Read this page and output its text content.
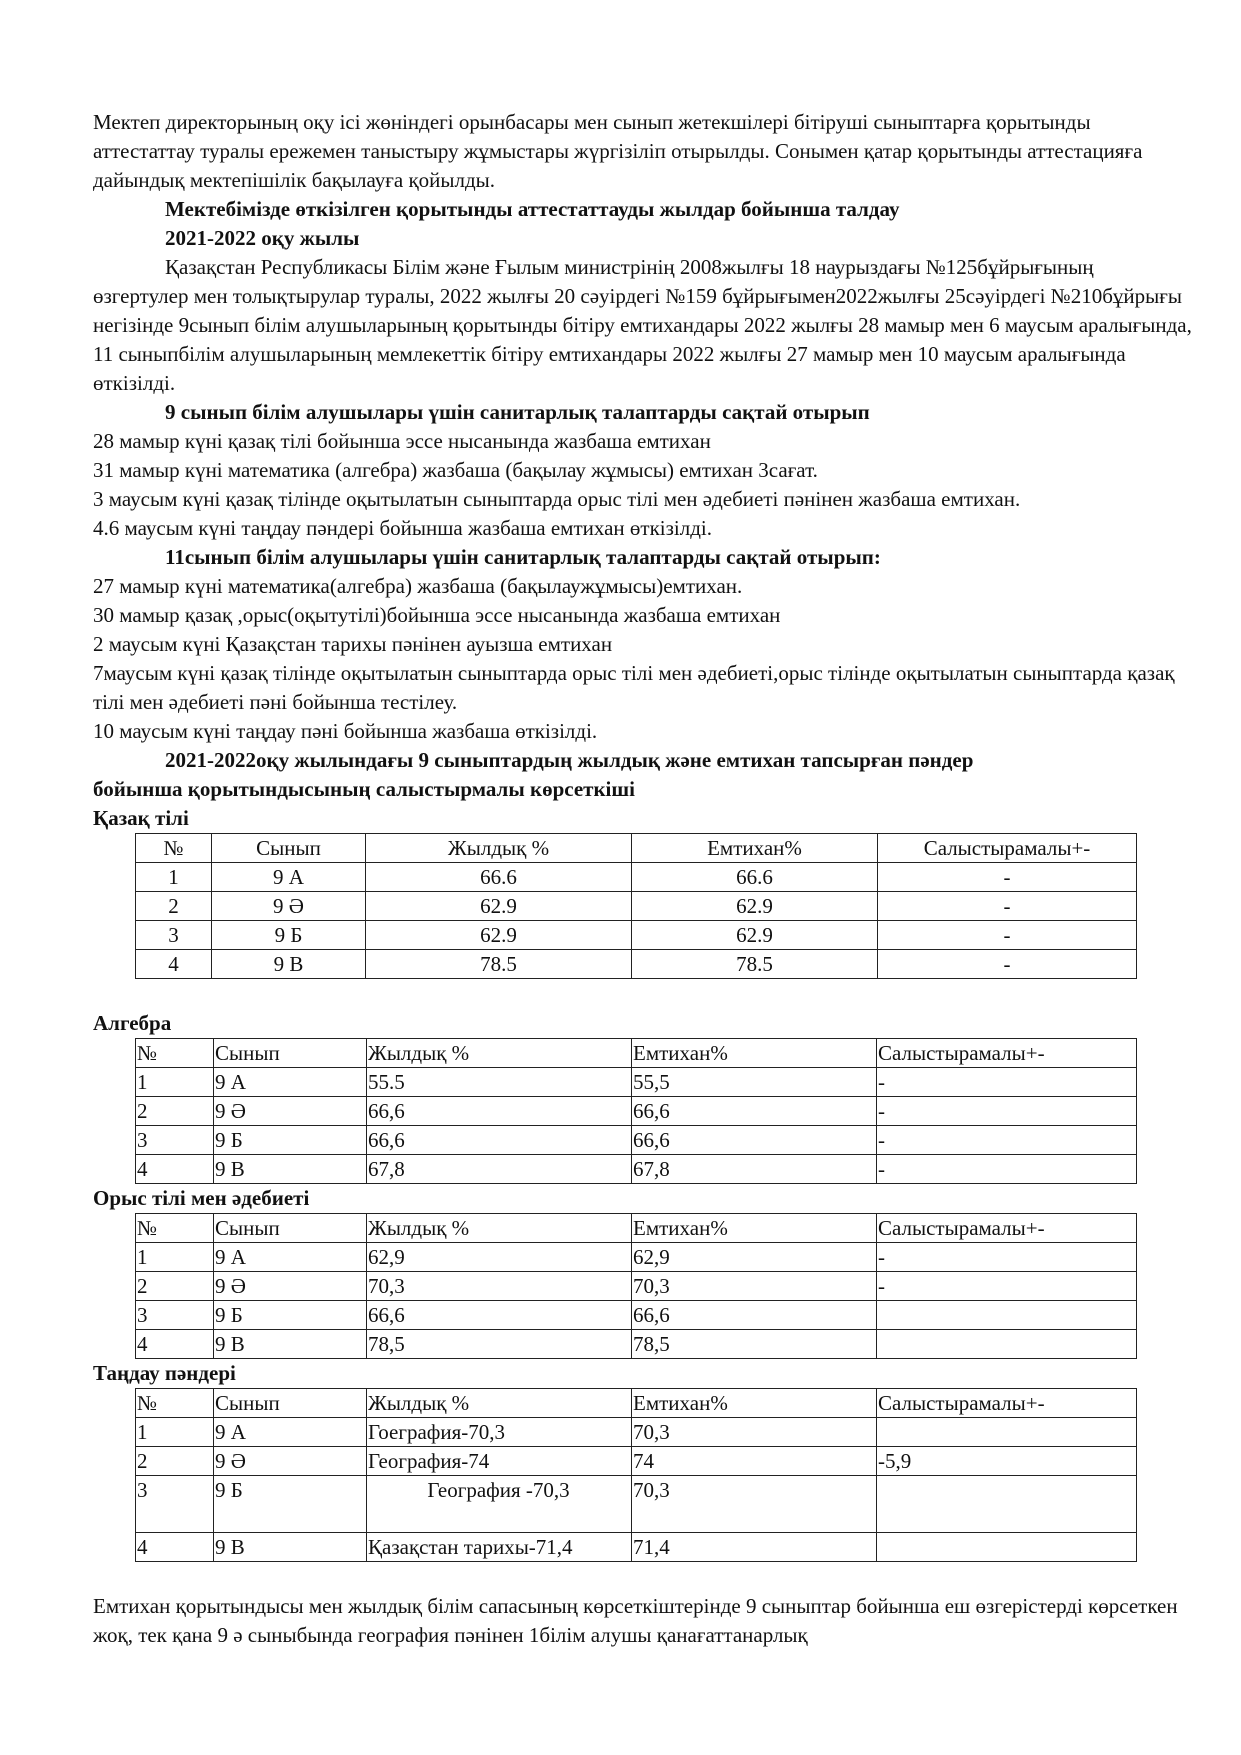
Мектеп директорының оқу ісі жөніндегі орынбасары мен сынып жетекшілері бітіруші сыныптарға қорытынды аттестаттау туралы ережемен таныстыру жұмыстары жүргізіліп отырылды. Сонымен қатар қорытынды аттестацияға дайындық мектепішілік бақылауға қойылды.

Мектебімізде өткізілген қорытынды аттестаттауды жылдар бойынша талдау

2021-2022 оқу жылы

Қазақстан Республикасы Білім және Ғылым министрінің 2008жылғы 18 наурыздағы №125бұйрығының өзгертулер мен толықтырулар туралы, 2022 жылғы 20 сәуірдегі №159 бұйрығымен2022жылғы 25сәуірдегі №210бұйрығы негізінде 9сынып білім алушыларының қорытынды бітіру емтихандары 2022 жылғы 28 мамыр мен 6 маусым аралығында, 11 сыныпбілім алушыларының мемлекеттік бітіру емтихандары 2022 жылғы 27 мамыр мен 10 маусым аралығында өткізілді.

9 сынып білім алушылары үшін санитарлық талаптарды сақтай отырып

28 мамыр күні қазақ тілі бойынша эссе нысанында жазбаша емтихан

31 мамыр күні математика (алгебра) жазбаша (бақылау жұмысы) емтихан 3сағат.

3 маусым күні қазақ тілінде оқытылатын сыныптарда орыс тілі мен әдебиеті пәнінен жазбаша емтихан.

4.6 маусым күні таңдау пәндері бойынша жазбаша емтихан өткізілді.

11сынып білім алушылары үшін санитарлық талаптарды сақтай отырып:

27 мамыр күні математика(алгебра) жазбаша (бақылаужұмысы)емтихан.

30 мамыр қазақ ,орыс(оқытутілі)бойынша эссе нысанында жазбаша емтихан

2 маусым күні Қазақстан тарихы пәнінен ауызша емтихан

7маусым күні қазақ тілінде оқытылатын сыныптарда орыс тілі мен әдебиеті,орыс тілінде оқытылатын сыныптарда қазақ тілі мен әдебиеті пәні бойынша тестілеу.

10 маусым күні таңдау пәні бойынша жазбаша өткізілді.

2021-2022оқу жылындағы 9 сыныптардың жылдық және емтихан тапсырған пәндер

бойынша қорытындысының салыстырмалы көрсеткіші

Қазақ тілі

№	Сынып	Жылдық %	Емтихан%	Салыстырамалы+-
1	9 А	66.6	66.6	-
2	9 Ә	62.9	62.9	-
3	9 Б	62.9	62.9	-
4	9 В	78.5	78.5	-

Алгебра

№	Сынып	Жылдық %	Емтихан%	Салыстырамалы+-
1	9 А	55.5	55,5	-
2	9 Ә	66,6	66,6	-
3	9 Б	66,6	66,6	-
4	9 В	67,8	67,8	-

Орыс тілі мен әдебиеті

№	Сынып	Жылдық %	Емтихан%	Салыстырамалы+-
1	9 А	62,9	62,9	-
2	9 Ә	70,3	70,3	-
3	9 Б	66,6	66,6	
4	9 В	78,5	78,5	

Таңдау пәндері

№	Сынып	Жылдық %	Емтихан%	Салыстырамалы+-
1	9 А	Гоеграфия-70,3	70,3	
2	9 Ә	География-74	74	-5,9
3	9 Б	География -70,3	70,3	
4	9 В	Қазақстан тарихы-71,4	71,4	

Емтихан қорытындысы мен жылдық білім сапасының көрсеткіштерінде 9 сыныптар бойынша еш өзгерістерді көрсеткен жоқ, тек қана 9 ә сыныбында география пәнінен 1білім алушы қанағаттанарлық
